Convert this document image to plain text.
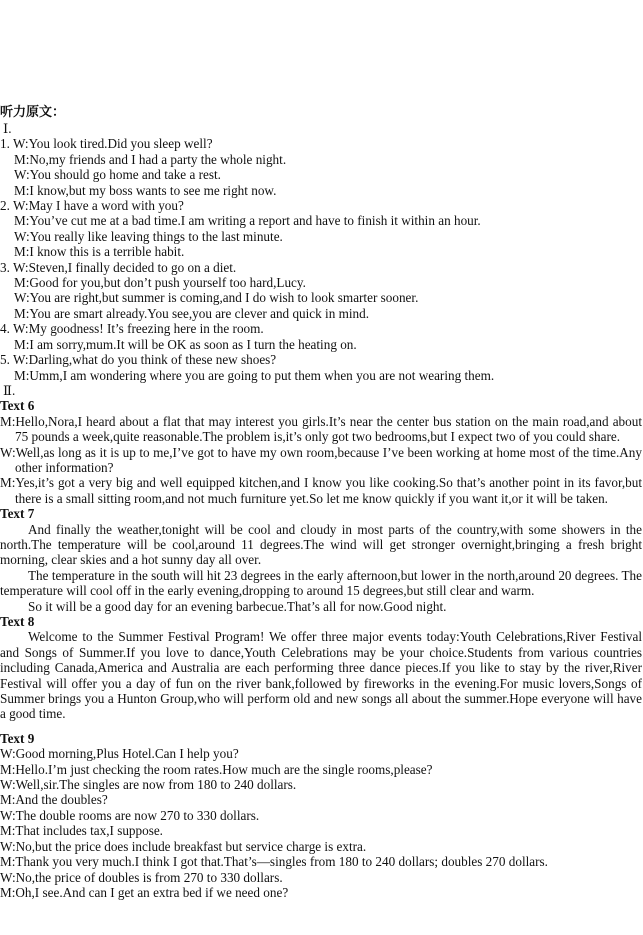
听力原文：
Ⅰ.
1. W:You look tired.Did you sleep well?
M:No,my friends and I had a party the whole night.
W:You should go home and take a rest.
M:I know,but my boss wants to see me right now.
2. W:May I have a word with you?
M:You’ve cut me at a bad time.I am writing a report and have to finish it within an hour.
W:You really like leaving things to the last minute.
M:I know this is a terrible habit.
3. W:Steven,I finally decided to go on a diet.
M:Good for you,but don’t push yourself too hard,Lucy.
W:You are right,but summer is coming,and I do wish to look smarter sooner.
M:You are smart already.You see,you are clever and quick in mind.
4. W:My goodness! It’s freezing here in the room.
M:I am sorry,mum.It will be OK as soon as I turn the heating on.
5. W:Darling,what do you think of these new shoes?
M:Umm,I am wondering where you are going to put them when you are not wearing them.
Ⅱ.
Text 6
M:Hello,Nora,I heard about a flat that may interest you girls.It’s near the center bus station on the main road,and about 75 pounds a week,quite reasonable.The problem is,it’s only got two bedrooms,but I expect two of you could share.
W:Well,as long as it is up to me,I’ve got to have my own room,because I’ve been working at home most of the time.Any other information?
M:Yes,it’s got a very big and well equipped kitchen,and I know you like cooking.So that’s another point in its favor,but there is a small sitting room,and not much furniture yet.So let me know quickly if you want it,or it will be taken.
Text 7
And finally the weather,tonight will be cool and cloudy in most parts of the country,with some showers in the north.The temperature will be cool,around 11 degrees.The wind will get stronger overnight,bringing a fresh bright morning, clear skies and a hot sunny day all over.
The temperature in the south will hit 23 degrees in the early afternoon,but lower in the north,around 20 degrees. The temperature will cool off in the early evening,dropping to around 15 degrees,but still clear and warm.
So it will be a good day for an evening barbecue.That’s all for now.Good night.
Text 8
Welcome to the Summer Festival Program! We offer three major events today:Youth Celebrations,River Festival and Songs of Summer.If you love to dance,Youth Celebrations may be your choice.Students from various countries including Canada,America and Australia are each performing three dance pieces.If you like to stay by the river,River Festival will offer you a day of fun on the river bank,followed by fireworks in the evening.For music lovers,Songs of Summer brings you a Hunton Group,who will perform old and new songs all about the summer.Hope everyone will have a good time.
Text 9
W:Good morning,Plus Hotel.Can I help you?
M:Hello.I’m just checking the room rates.How much are the single rooms,please?
W:Well,sir.The singles are now from 180 to 240 dollars.
M:And the doubles?
W:The double rooms are now 270 to 330 dollars.
M:That includes tax,I suppose.
W:No,but the price does include breakfast but service charge is extra.
M:Thank you very much.I think I got that.That’s—singles from 180 to 240 dollars; doubles 270 dollars.
W:No,the price of doubles is from 270 to 330 dollars.
M:Oh,I see.And can I get an extra bed if we need one?
